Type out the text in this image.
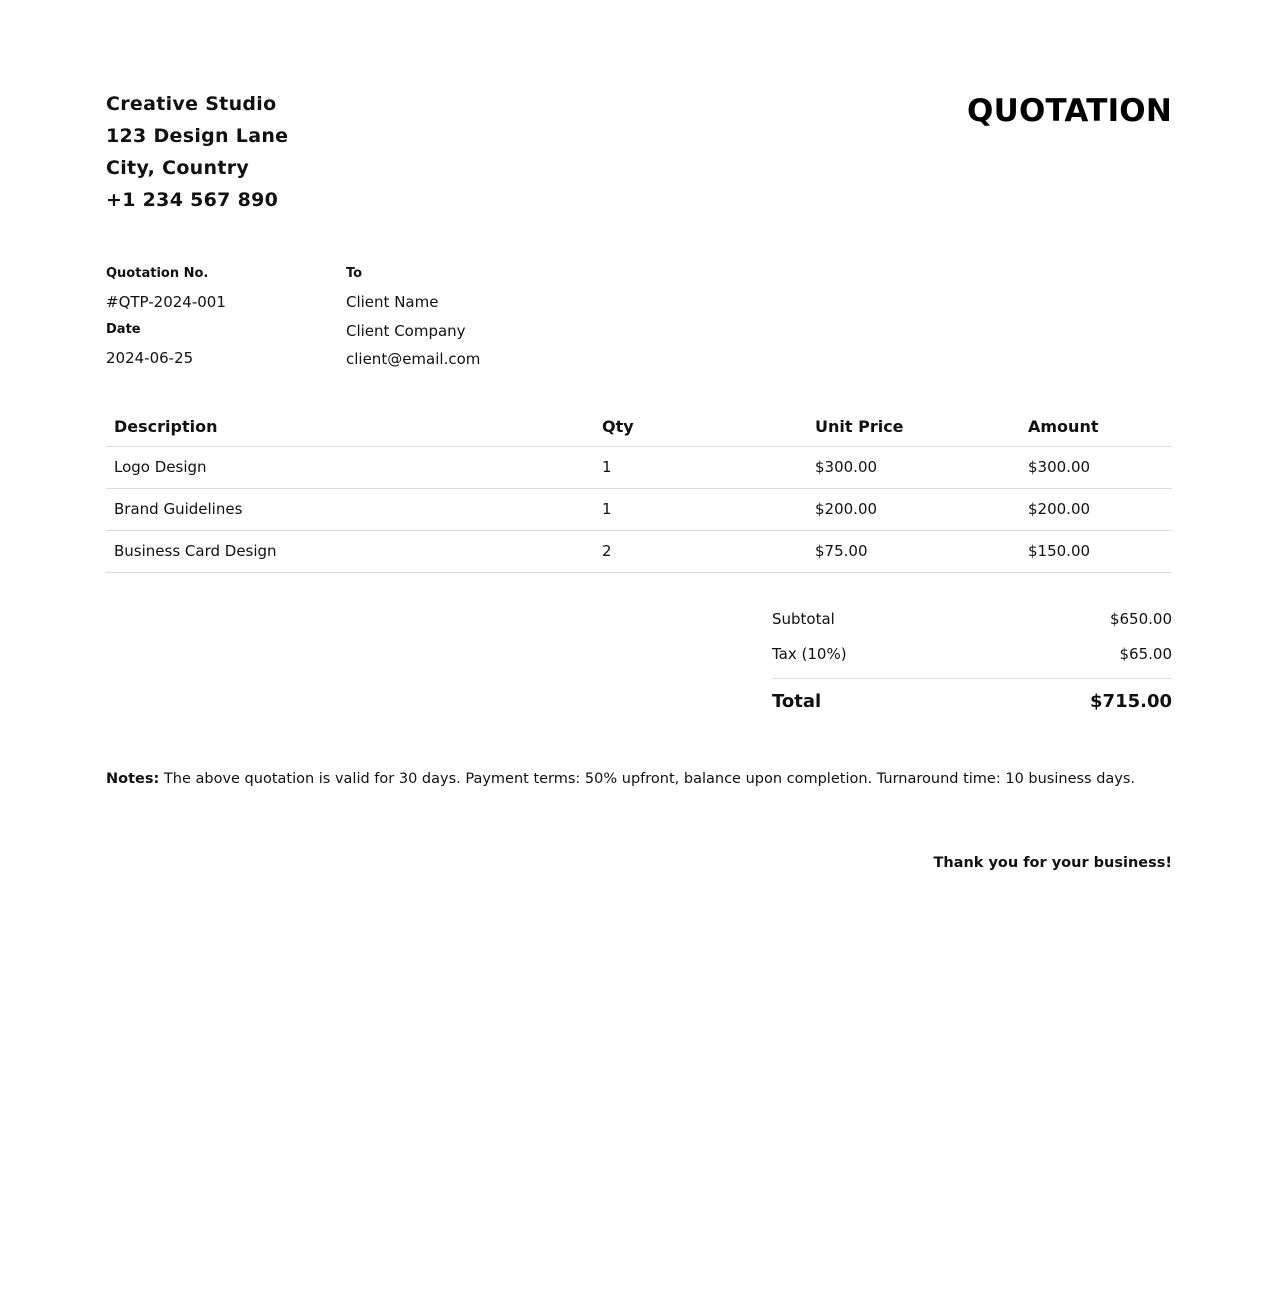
Creative Studio
123 Design Lane
City, Country
+1 234 567 890
QUOTATION
Quotation No.
#QTP-2024-001
Date
2024-06-25
To
Client Name
Client Company
client@email.com
Description	Qty	Unit Price	Amount
Logo Design	1	$300.00	$300.00
Brand Guidelines	1	$200.00	$200.00
Business Card Design	2	$75.00	$150.00
Subtotal	$650.00
Tax (10%)	$65.00
Total	$715.00
Notes: The above quotation is valid for 30 days. Payment terms: 50% upfront, balance upon completion. Turnaround time: 10 business days.
Thank you for your business!
